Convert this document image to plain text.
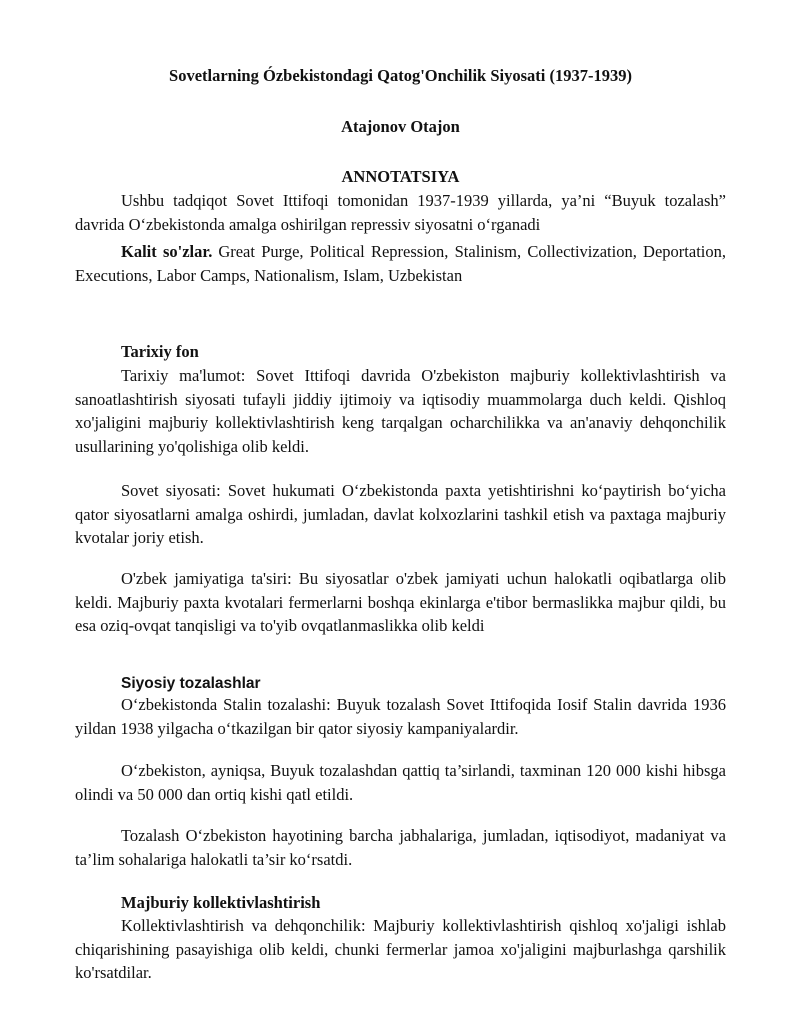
Sovetlarning Ózbekistondagi Qatog'Onchilik Siyosati (1937-1939)
Atajonov Otajon
ANNOTATSIYA

Ushbu tadqiqot Sovet Ittifoqi tomonidan 1937-1939 yillarda, ya’ni “Buyuk tozalash” davrida O‘zbekistonda amalga oshirilgan repressiv siyosatni o‘rganadi

Kalit so'zlar. Great Purge, Political Repression, Stalinism, Collectivization, Deportation, Executions, Labor Camps, Nationalism, Islam, Uzbekistan

Tarixiy fon

Tarixiy ma'lumot: Sovet Ittifoqi davrida O'zbekiston majburiy kollektivlashtirish va sanoatlashtirish siyosati tufayli jiddiy ijtimoiy va iqtisodiy muammolarga duch keldi. Qishloq xo'jaligini majburiy kollektivlashtirish keng tarqalgan ocharchilikka va an'anaviy dehqonchilik usullarining yo'qolishiga olib keldi.

Sovet siyosati: Sovet hukumati O‘zbekistonda paxta yetishtirishni ko‘paytirish bo‘yicha qator siyosatlarni amalga oshirdi, jumladan, davlat kolxozlarini tashkil etish va paxtaga majburiy kvotalar joriy etish.

O'zbek jamiyatiga ta'siri: Bu siyosatlar o'zbek jamiyati uchun halokatli oqibatlarga olib keldi. Majburiy paxta kvotalari fermerlarni boshqa ekinlarga e'tibor bermaslikka majbur qildi, bu esa oziq-ovqat tanqisligi va to'yib ovqatlanmaslikka olib keldi

Siyosiy tozalashlar

O‘zbekistonda Stalin tozalashi: Buyuk tozalash Sovet Ittifoqida Iosif Stalin davrida 1936 yildan 1938 yilgacha o‘tkazilgan bir qator siyosiy kampaniyalardir.

O‘zbekiston, ayniqsa, Buyuk tozalashdan qattiq ta’sirlandi, taxminan 120 000 kishi hibsga olindi va 50 000 dan ortiq kishi qatl etildi.

Tozalash O‘zbekiston hayotining barcha jabhalariga, jumladan, iqtisodiyot, madaniyat va ta’lim sohalariga halokatli ta’sir ko‘rsatdi.

Majburiy kollektivlashtirish

Kollektivlashtirish va dehqonchilik: Majburiy kollektivlashtirish qishloq xo'jaligi ishlab chiqarishining pasayishiga olib keldi, chunki fermerlar jamoa xo'jaligini majburlashga qarshilik ko'rsatdilar.
